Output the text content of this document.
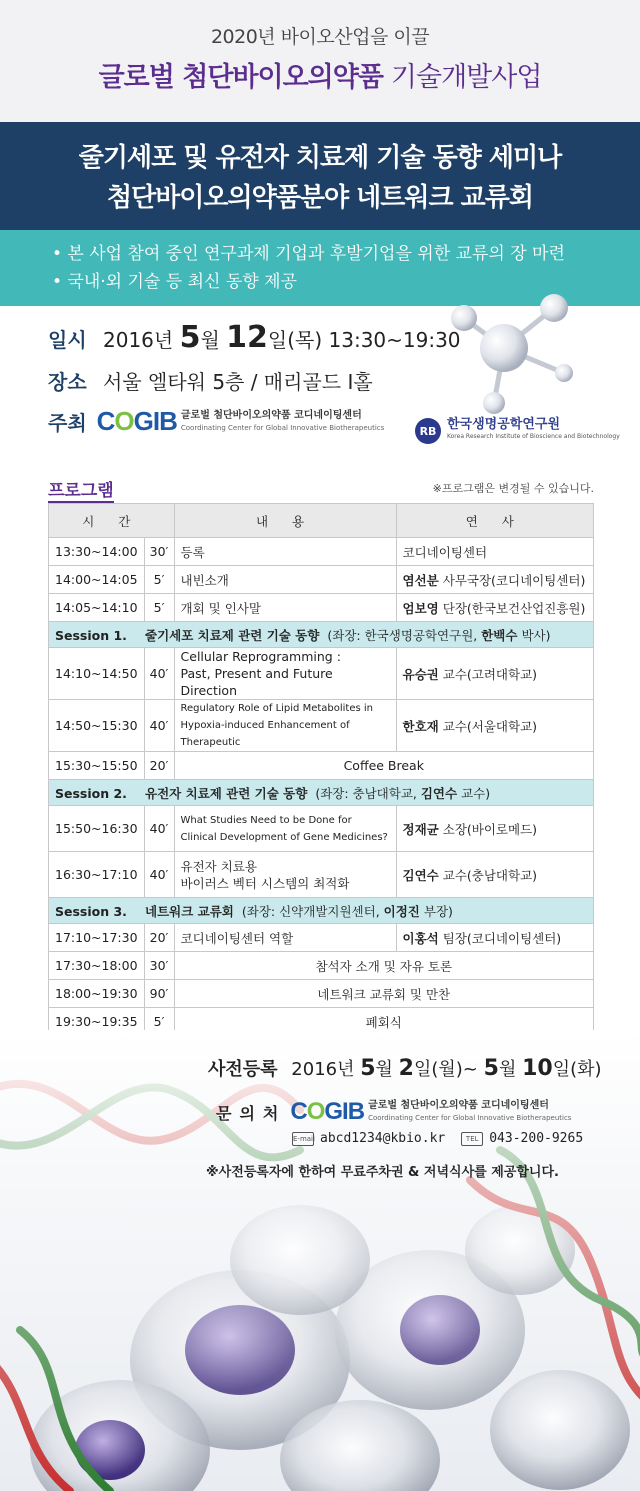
2020년 바이오산업을 이끌
글로벌 첨단바이오의약품 기술개발사업
줄기세포 및 유전자 치료제 기술 동향 세미나
첨단바이오의약품분야 네트워크 교류회
• 본 사업 참여 중인 연구과제 기업과 후발기업을 위한 교류의 장 마련
• 국내·외 기술 등 최신 동향 제공
일시 2016년 5월 12일(목) 13:30~19:30
장소 서울 엘타워 5층 / 매리골드 Ⅰ홀
주최 COGIB 글로벌 첨단바이오의약품 코디네이팅센터
Coordinating Center for Global Innovative Biotherapeutics	RB 한국생명공학연구원
Korea Research Institute of Bioscience and Biotechnology
프로그램	※프로그램은 변경될 수 있습니다.
시 간		내 용	연 사
13:30~14:00	30′	등록	코디네이팅센터
14:00~14:05	5′	내빈소개	염선분 사무국장(코디네이팅센터)
14:05~14:10	5′	개회 및 인사말	엄보영 단장(한국보건산업진흥원)
Session 1. 줄기세포 치료제 관련 기술 동향 (좌장: 한국생명공학연구원, 한백수 박사)			
14:10~14:50	40′	Cellular Reprogramming :
Past, Present and Future Direction	유승권 교수(고려대학교)
14:50~15:30	40′	Regulatory Role of Lipid Metabolites in
Hypoxia-induced Enhancement of Therapeutic	한호재 교수(서울대학교)
15:30~15:50	20′	Coffee Break	
Session 2. 유전자 치료제 관련 기술 동향 (좌장: 충남대학교, 김연수 교수)			
15:50~16:30	40′	What Studies Need to be Done for
Clinical Development of Gene Medicines?	정재균 소장(바이로메드)
16:30~17:10	40′	유전자 치료용
바이러스 벡터 시스템의 최적화	김연수 교수(충남대학교)
Session 3. 네트워크 교류회 (좌장: 신약개발지원센터, 이정진 부장)			
17:10~17:30	20′	코디네이팅센터 역할	이홍석 팀장(코디네이팅센터)
17:30~18:00	30′	참석자 소개 및 자유 토론	
18:00~19:30	90′	네트워크 교류회 및 만찬	
19:30~19:35	5′	폐회식	
사전등록 2016년 5월 2일(월)~ 5월 10일(화)
문의처 COGIB 글로벌 첨단바이오의약품 코디네이팅센터
Coordinating Center for Global Innovative Biotherapeutics
E-mail abcd1234@kbio.kr	TEL 043-200-9265
※사전등록자에 한하여 무료주차권 & 저녁식사를 제공합니다.
